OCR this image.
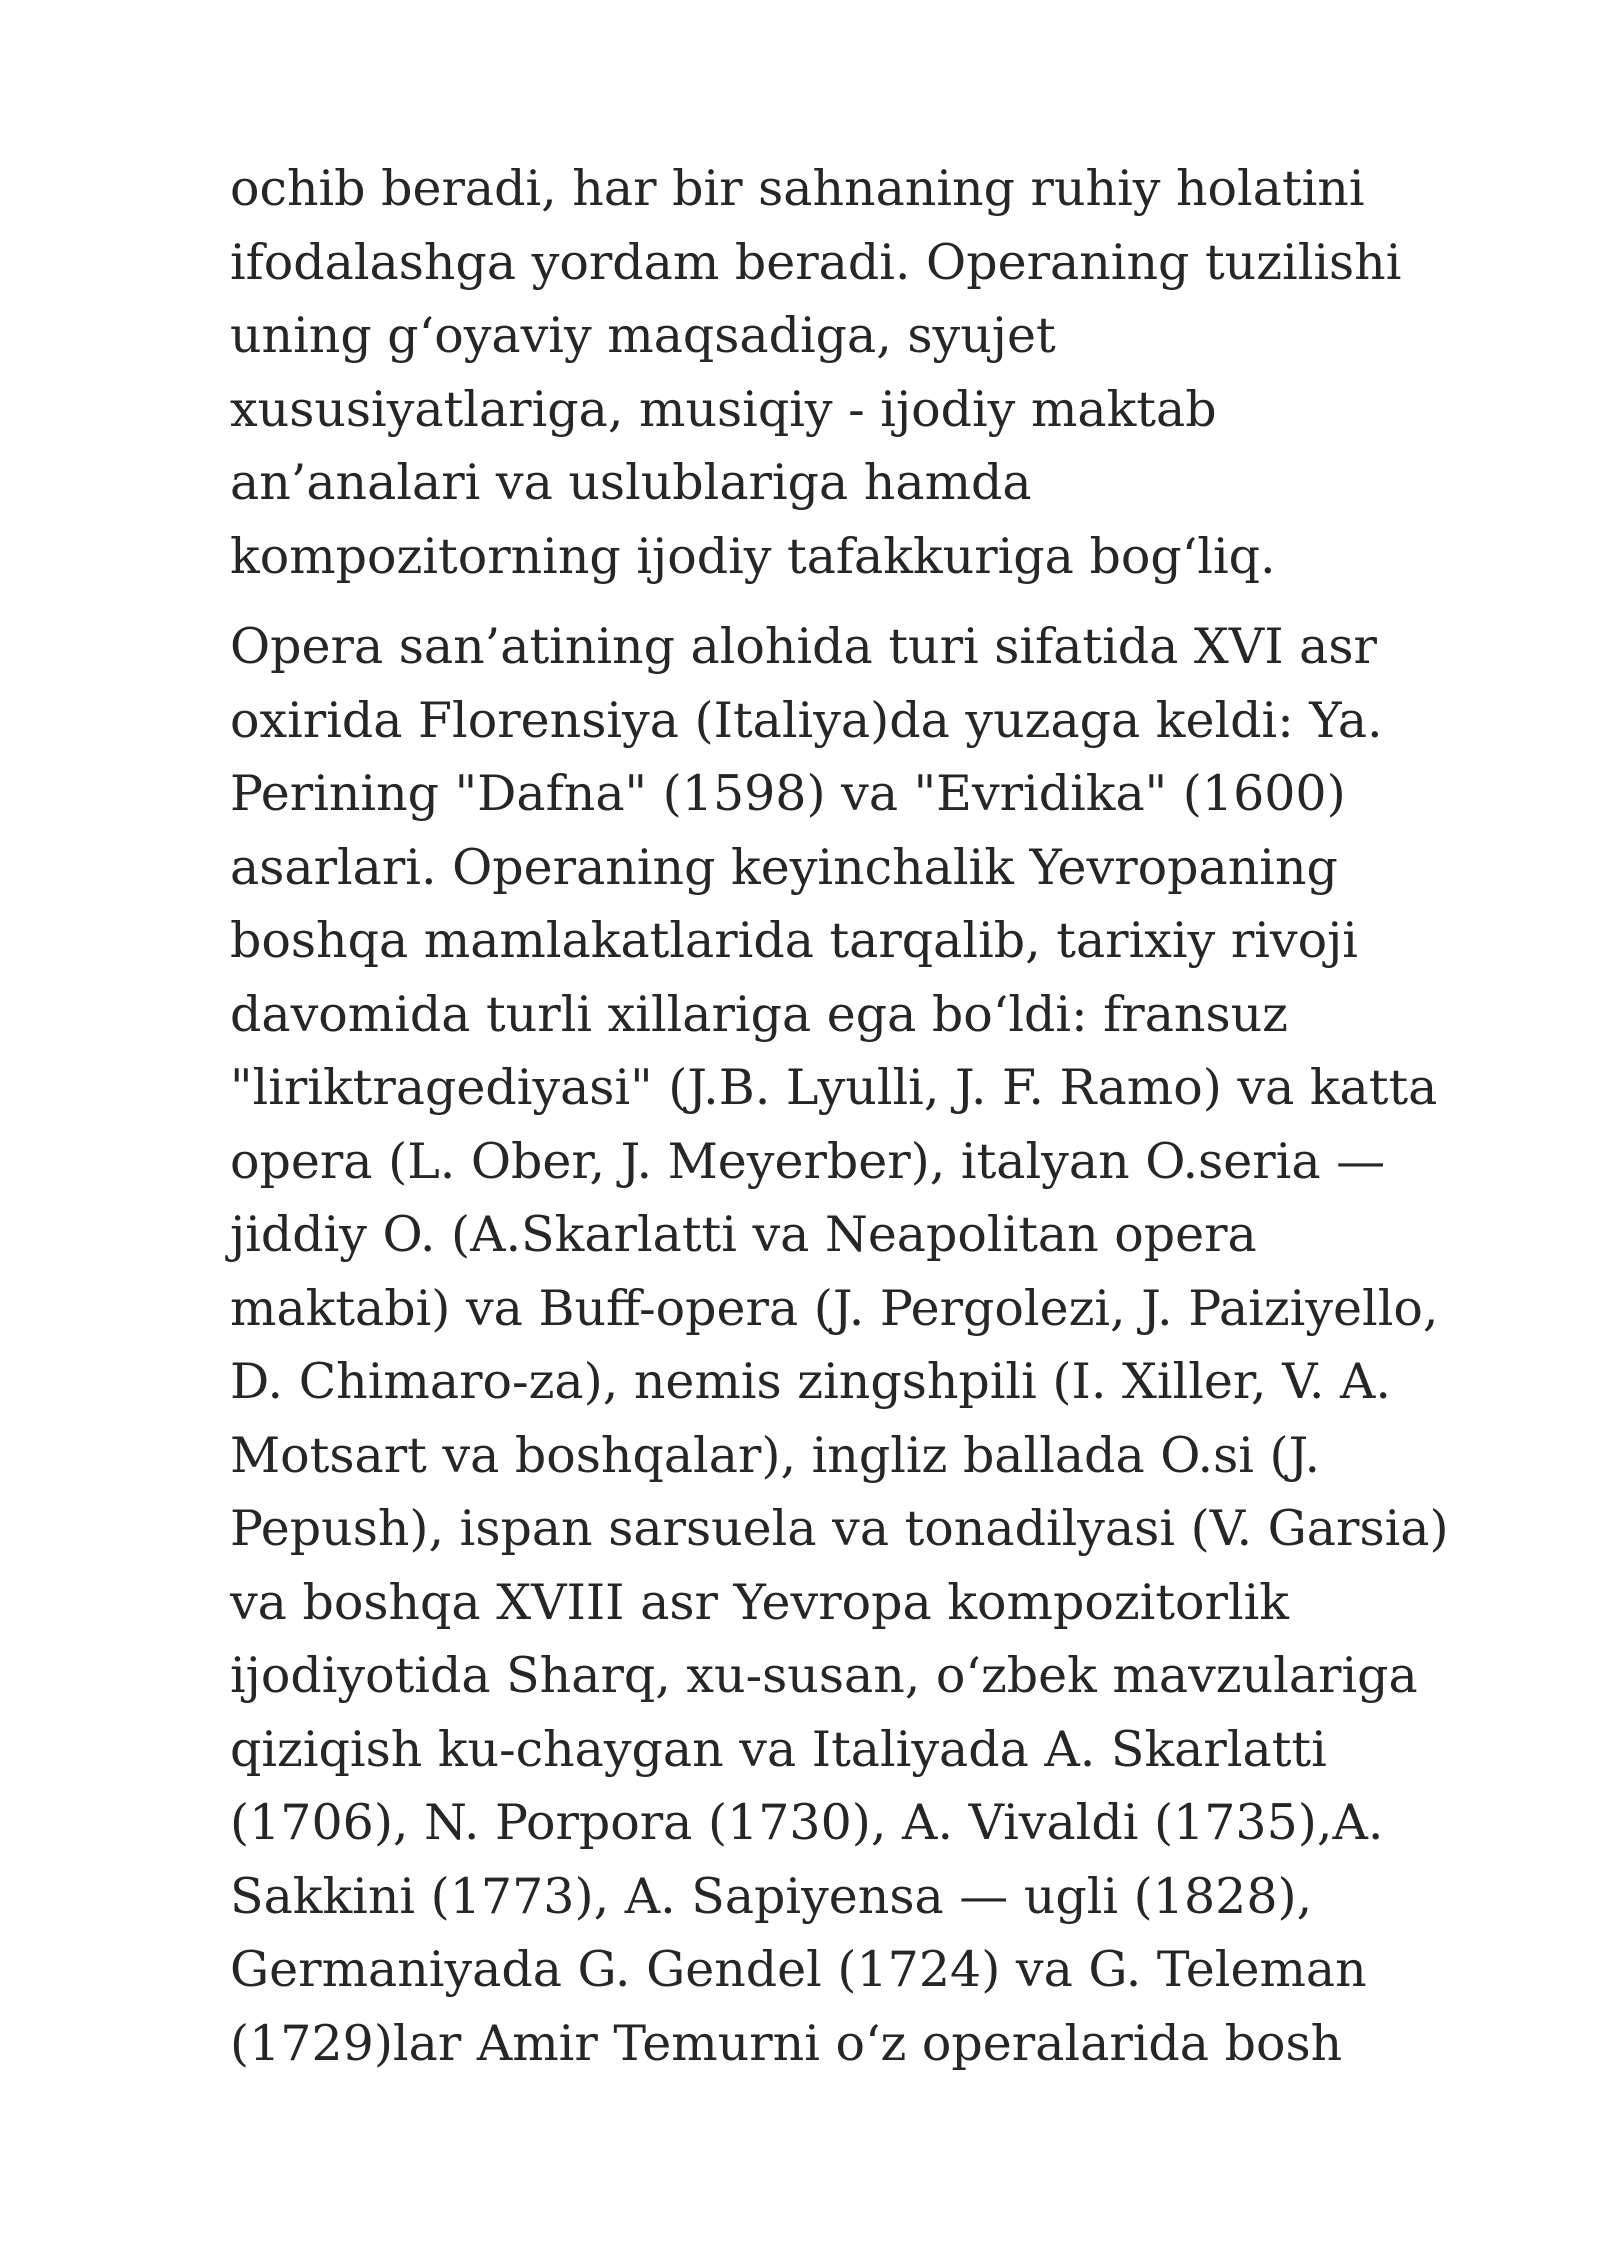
ochib beradi, har bir sahnaning ruhiy holatini
ifodalashga yordam beradi. Operaning tuzilishi
uning g‘oyaviy maqsadiga, syujet
xususiyatlariga, musiqiy - ijodiy maktab
an’analari va uslublariga hamda
kompozitorning ijodiy tafakkuriga bog‘liq.
Opera san’atining alohida turi sifatida XVI asr
oxirida Florensiya (Italiya)da yuzaga keldi: Ya.
Perining "Dafna" (1598) va "Evridika" (1600)
asarlari. Operaning keyinchalik Yevropaning
boshqa mamlakatlarida tarqalib, tarixiy rivoji
davomida turli xillariga ega bo‘ldi: fransuz
"liriktragediyasi" (J.B. Lyulli, J. F. Ramo) va katta
opera (L. Ober, J. Meyerber), italyan O.seria —
jiddiy O. (A.Skarlatti va Neapolitan opera
maktabi) va Buff-opera (J. Pergolezi, J. Paiziyello,
D. Chimaro-za), nemis zingshpili (I. Xiller, V. A.
Motsart va boshqalar), ingliz ballada O.si (J.
Pepush), ispan sarsuela va tonadilyasi (V. Garsia)
va boshqa XVIII asr Yevropa kompozitorlik
ijodiyotida Sharq, xu-susan, o‘zbek mavzulariga
qiziqish ku-chaygan va Italiyada A. Skarlatti
(1706), N. Porpora (1730), A. Vivaldi (1735),A.
Sakkini (1773), A. Sapiyensa — ugli (1828),
Germaniyada G. Gendel (1724) va G. Teleman
(1729)lar Amir Temurni o‘z operalarida bosh
